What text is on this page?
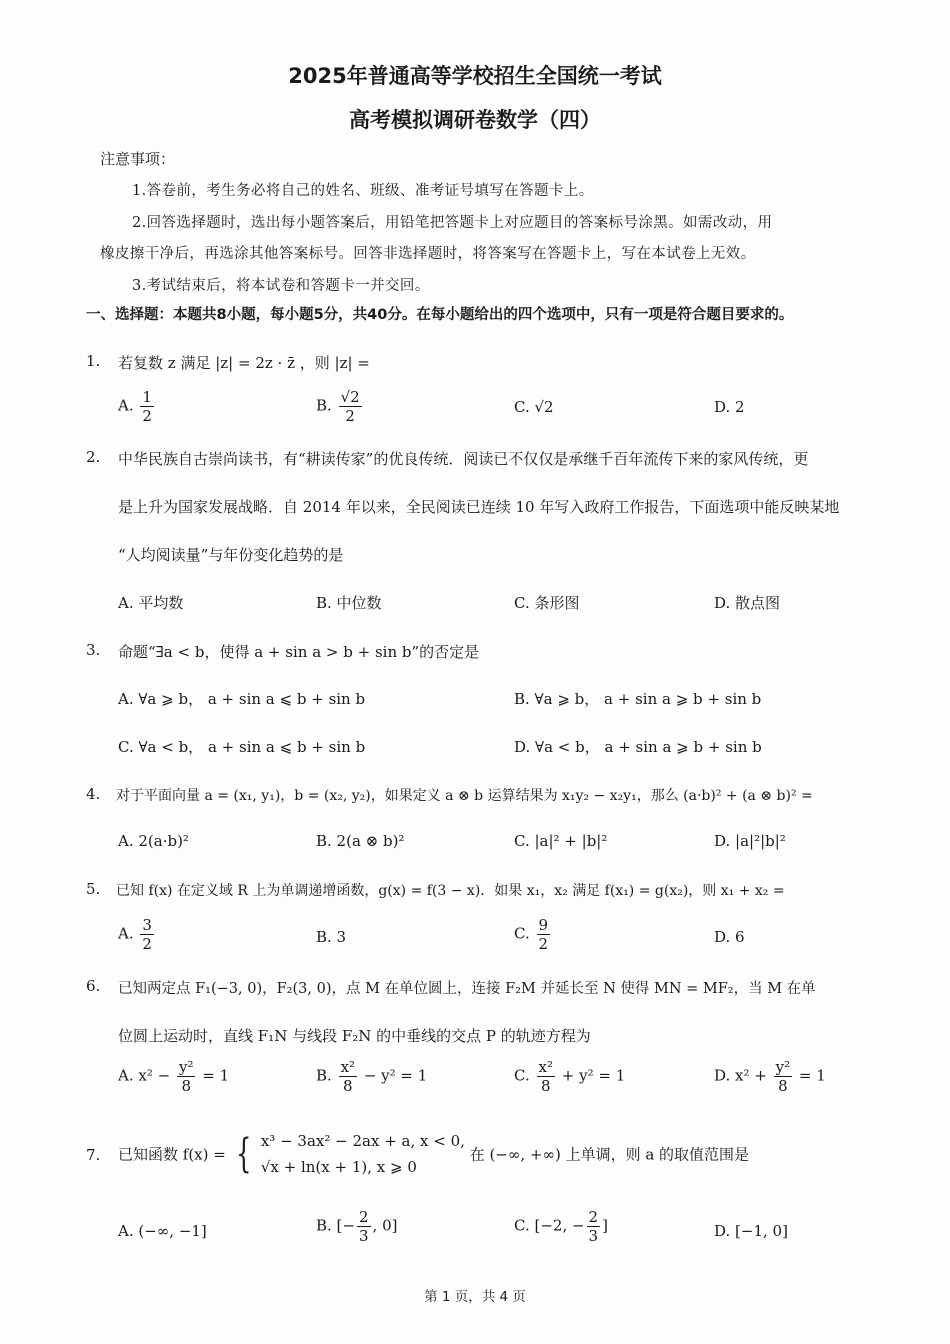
2025年普通高等学校招生全国统一考试
高考模拟调研卷数学（四）
注意事项：
1.答卷前，考生务必将自己的姓名、班级、准考证号填写在答题卡上。
2.回答选择题时，选出每小题答案后，用铅笔把答题卡上对应题目的答案标号涂黑。如需改动，用
橡皮擦干净后，再选涂其他答案标号。回答非选择题时，将答案写在答题卡上，写在本试卷上无效。
3.考试结束后，将本试卷和答题卡一并交回。
一、选择题：本题共8小题，每小题5分，共40分。在每小题给出的四个选项中，只有一项是符合题目要求的。
1. 若复数 z 满足 |z| = 2z · z̄ ，则 |z| =
A. $\frac{1}{2}$	B. $\frac{√2}{2}$	C. √2	D. 2
2. 中华民族自古崇尚读书，有“耕读传家”的优良传统．阅读已不仅仅是承继千百年流传下来的家风传统，更
是上升为国家发展战略．自 2014 年以来，全民阅读已连续 10 年写入政府工作报告，下面选项中能反映某地
“人均阅读量”与年份变化趋势的是
A. 平均数	B. 中位数	C. 条形图	D. 散点图
3. 命题“∃a < b，使得 a + sin a > b + sin b”的否定是
A. ∀a ⩾ b， a + sin a ⩽ b + sin b	B. ∀a ⩾ b， a + sin a ⩾ b + sin b
C. ∀a < b， a + sin a ⩽ b + sin b	D. ∀a < b， a + sin a ⩾ b + sin b
4. 对于平面向量 a = (x₁, y₁)，b = (x₂, y₂)，如果定义 a ⊗ b 运算结果为 x₁y₂ − x₂y₁，那么 (a·b)² + (a ⊗ b)² =
A. 2(a·b)²	B. 2(a ⊗ b)²	C. |a|² + |b|²	D. |a|²|b|²
5. 已知 f(x) 在定义域 R 上为单调递增函数，g(x) = f(3 − x)．如果 x₁，x₂ 满足 f(x₁) = g(x₂)，则 x₁ + x₂ =
A. $\frac{3}{2}$	B. 3	C. $\frac{9}{2}$	D. 6
6. 已知两定点 F₁(−3, 0)，F₂(3, 0)，点 M 在单位圆上，连接 F₂M 并延长至 N 使得 MN = MF₂，当 M 在单
位圆上运动时，直线 F₁N 与线段 F₂N 的中垂线的交点 P 的轨迹方程为
A. $x^2 - \frac{\text{y²}}{8} = 1$	B. $\frac{\text{x²}}{8} - y^2 = 1$	C. $\frac{\text{x²}}{8} + y^2 = 1$	D. $x^2 + \frac{\text{y²}}{8} = 1$
7. 已知函数 f(x) = { x³ − 3ax² − 2ax + a, x < 0,
√x + ln(x + 1), x ⩾ 0
在 (−∞, +∞) 上单调，则 a 的取值范围是
A. (−∞, −1]	B. [− $\frac{2}{3}$ , 0]	C. [−2, − $\frac{2}{3}$ ]	D. [−1, 0]
第 1 页，共 4 页
